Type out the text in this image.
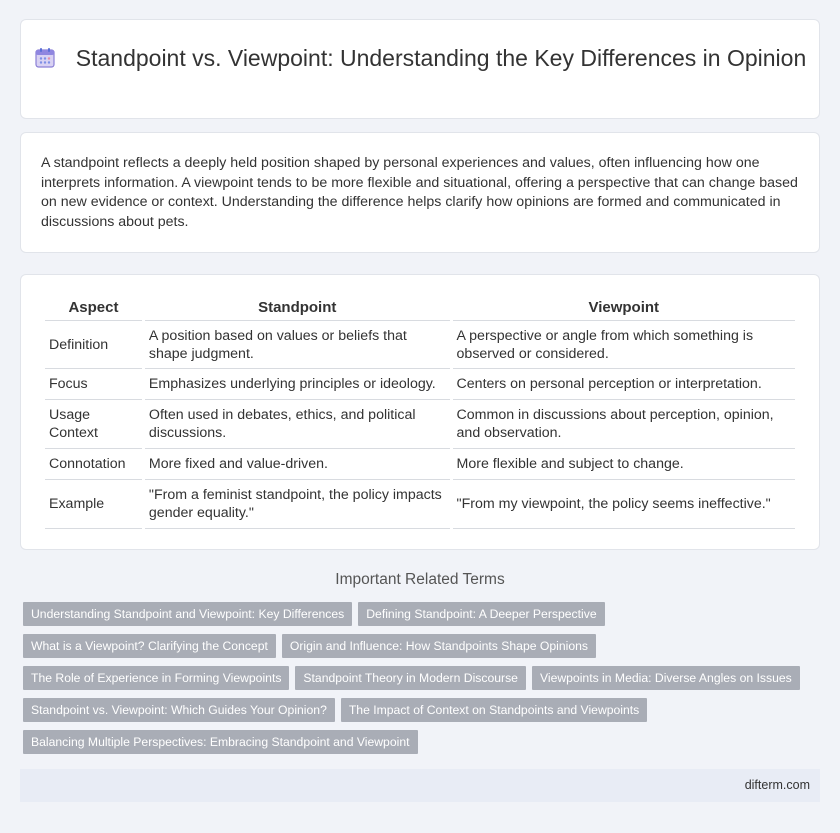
Standpoint vs. Viewpoint: Understanding the Key Differences in Opinion

A standpoint reflects a deeply held position shaped by personal experiences and values, often influencing how one interprets information. A viewpoint tends to be more flexible and situational, offering a perspective that can change based on new evidence or context. Understanding the difference helps clarify how opinions are formed and communicated in discussions about pets.

Aspect	Standpoint	Viewpoint
Definition	A position based on values or beliefs that shape judgment.	A perspective or angle from which something is observed or considered.
Focus	Emphasizes underlying principles or ideology.	Centers on personal perception or interpretation.
Usage Context	Often used in debates, ethics, and political discussions.	Common in discussions about perception, opinion, and observation.
Connotation	More fixed and value-driven.	More flexible and subject to change.
Example	"From a feminist standpoint, the policy impacts gender equality."	"From my viewpoint, the policy seems ineffective."
Important Related Terms
Understanding Standpoint and Viewpoint: Key Differences Defining Standpoint: A Deeper Perspective
What is a Viewpoint? Clarifying the Concept Origin and Influence: How Standpoints Shape Opinions
The Role of Experience in Forming Viewpoints Standpoint Theory in Modern Discourse Viewpoints in Media: Diverse Angles on Issues
Standpoint vs. Viewpoint: Which Guides Your Opinion? The Impact of Context on Standpoints and Viewpoints
Balancing Multiple Perspectives: Embracing Standpoint and Viewpoint
difterm.com
